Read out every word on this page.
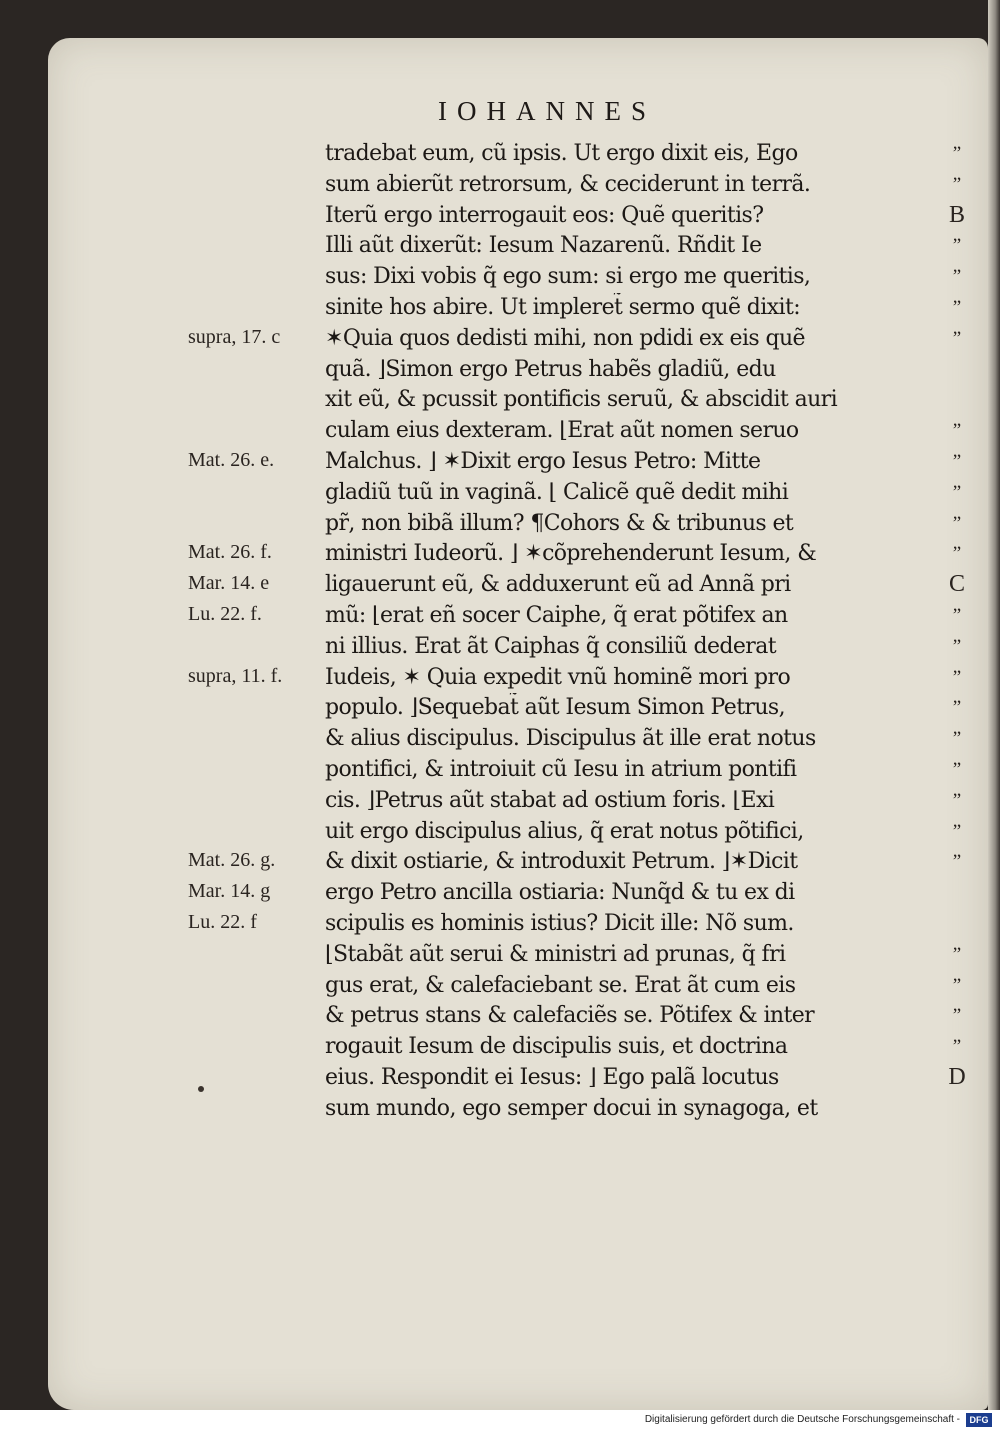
IOHANNES
tradebat eum, cũ ipsis. Ut ergo dixit eis, Ego
sum abierũt retrorsum, & ceciderunt in terrã.
Iterũ ergo interrogauit eos: Quẽ queritis?
Illi aũt dixerũt: Iesum Nazarenũ. Rñdit Ie
sus: Dixi vobis q̃ ego sum: si ergo me queritis,
sinite hos abire. Ut impleret̃ sermo quẽ dixit:
✶Quia quos dedisti mihi, non pdidi ex eis quẽ
quã. ⌋Simon ergo Petrus habẽs gladiũ, edu
xit eũ, & pcussit pontificis seruũ, & abscidit auri
culam eius dexteram. ⌊Erat aũt nomen seruo
Malchus. ⌋ ✶Dixit ergo Iesus Petro: Mitte
gladiũ tuũ in vaginã. ⌊ Calicẽ quẽ dedit mihi
pr̃, non bibã illum? ¶Cohors & & tribunus et
ministri Iudeorũ. ⌋ ✶cõprehenderunt Iesum, &
ligauerunt eũ, & adduxerunt eũ ad Annã pri
mũ: ⌊erat eñ socer Caiphe, q̃ erat põtifex an
ni illius. Erat ãt Caiphas q̃ consiliũ dederat
Iudeis, ✶ Quia expedit vnũ hominẽ mori pro
populo. ⌋Sequebat̃ aũt Iesum Simon Petrus,
& alius discipulus. Discipulus ãt ille erat notus
pontifici, & introiuit cũ Iesu in atrium pontifi
cis. ⌋Petrus aũt stabat ad ostium foris. ⌊Exi
uit ergo discipulus alius, q̃ erat notus põtifici,
& dixit ostiarie, & introduxit Petrum. ⌋✶Dicit
ergo Petro ancilla ostiaria: Nunq̃d & tu ex di
scipulis es hominis istius? Dicit ille: Nõ sum.
⌊Stabãt aũt serui & ministri ad prunas, q̃ fri
gus erat, & calefaciebant se. Erat ãt cum eis
& petrus stans & calefaciẽs se. Põtifex & inter
rogauit Iesum de discipulis suis, et doctrina
eius. Respondit ei Iesus: ⌋ Ego palã locutus
sum mundo, ego semper docui in synagoga, et
supra, 17. c
Mat. 26. e.
Mat. 26. f.
Mar. 14. e
Lu. 22. f.
supra, 11. f.
Mat. 26. g.
Mar. 14. g
Lu. 22. f
”
”
”
”
”
”
”
”
”
”
”
”
”
”
”
”
”
”
”
”
”
”
”
”
B
C
D
Digitalisierung gefördert durch die Deutsche Forschungsgemeinschaft -	DFG
